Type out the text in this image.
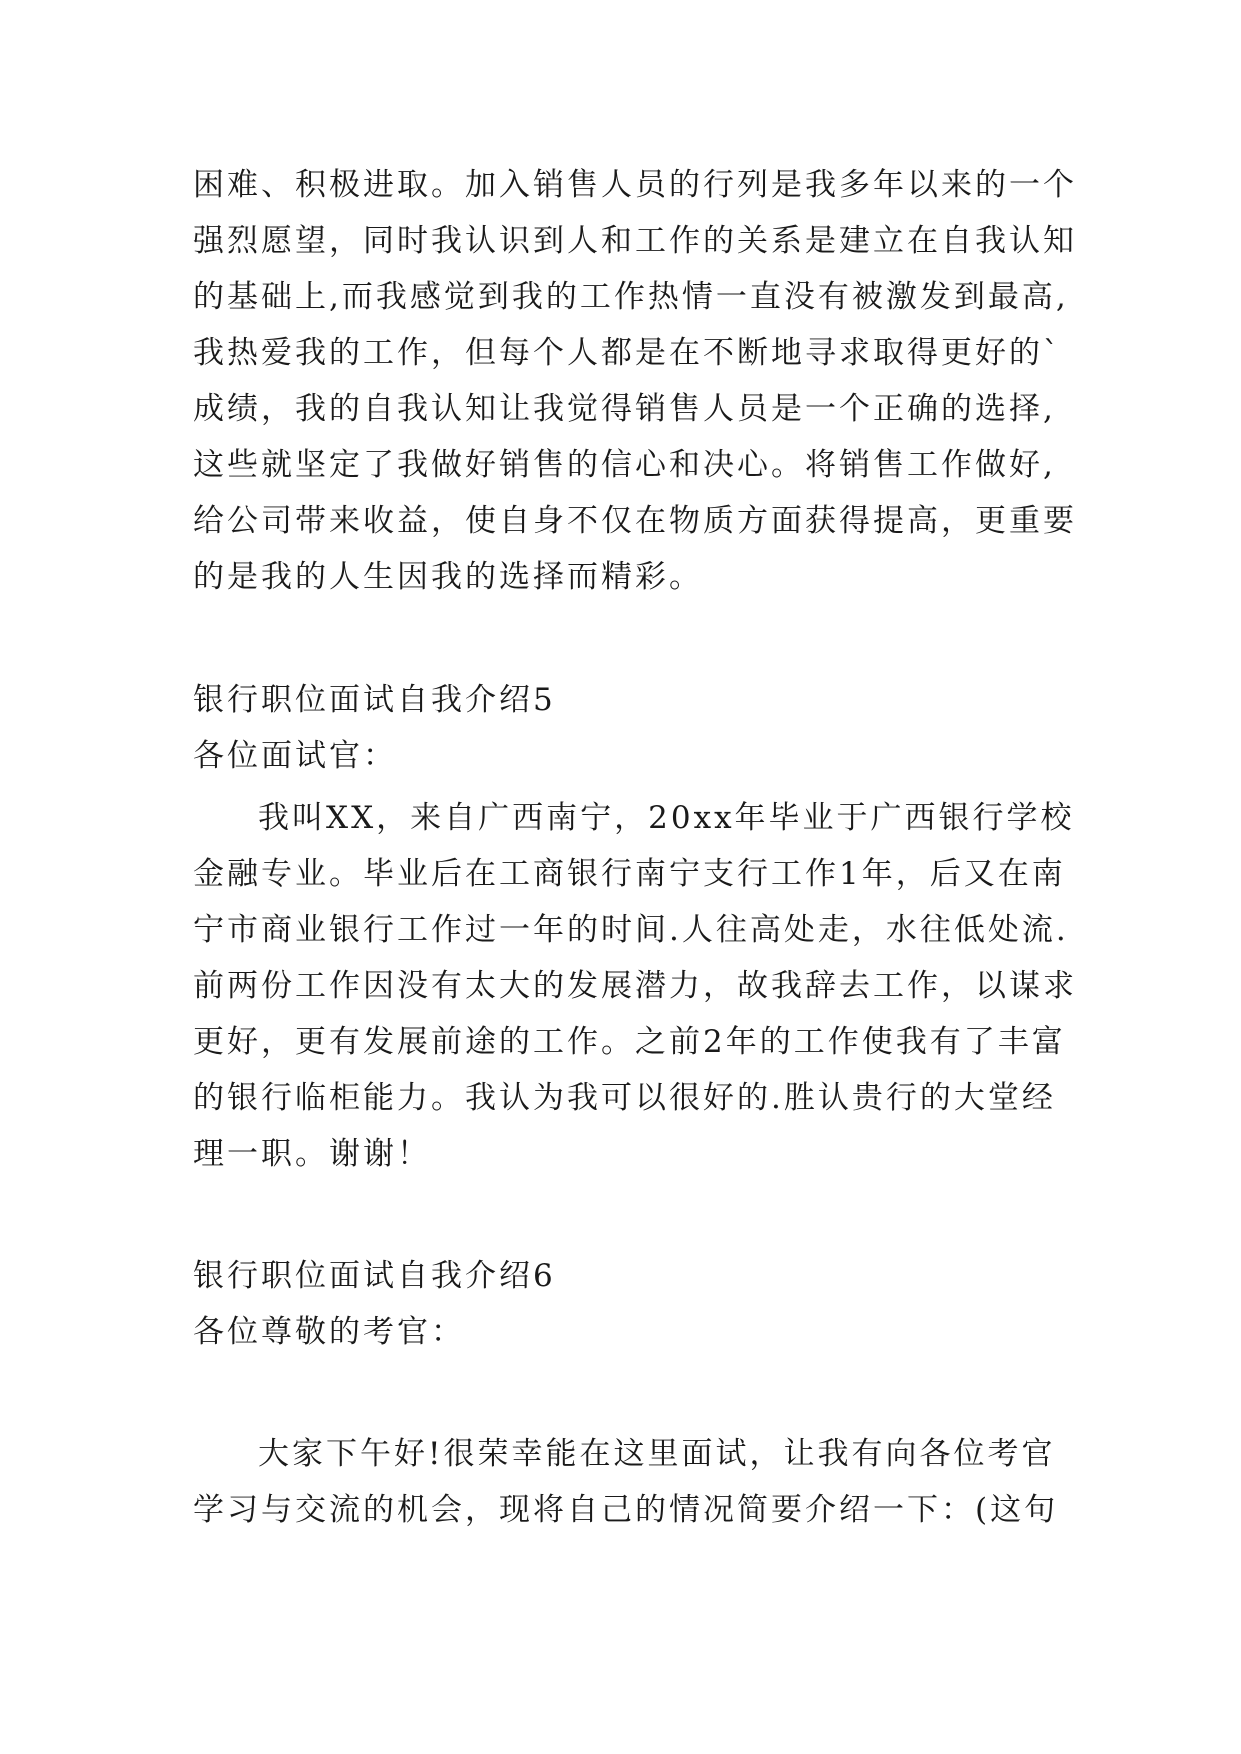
困难、积极进取。加入销售人员的行列是我多年以来的一个
强烈愿望，同时我认识到人和工作的关系是建立在自我认知
的基础上,而我感觉到我的工作热情一直没有被激发到最高,
我热爱我的工作，但每个人都是在不断地寻求取得更好的`
成绩，我的自我认知让我觉得销售人员是一个正确的选择,
这些就坚定了我做好销售的信心和决心。将销售工作做好,
给公司带来收益，使自身不仅在物质方面获得提高，更重要
的是我的人生因我的选择而精彩。
银行职位面试自我介绍5
各位面试官：
我叫XX，来自广西南宁，20xx年毕业于广西银行学校
金融专业。毕业后在工商银行南宁支行工作1年，后又在南
宁市商业银行工作过一年的时间.人往高处走，水往低处流.
前两份工作因没有太大的发展潜力，故我辞去工作，以谋求
更好，更有发展前途的工作。之前2年的工作使我有了丰富
的银行临柜能力。我认为我可以很好的.胜认贵行的大堂经
理一职。谢谢！
银行职位面试自我介绍6
各位尊敬的考官：
大家下午好!很荣幸能在这里面试，让我有向各位考官
学习与交流的机会，现将自己的情况简要介绍一下：(这句
